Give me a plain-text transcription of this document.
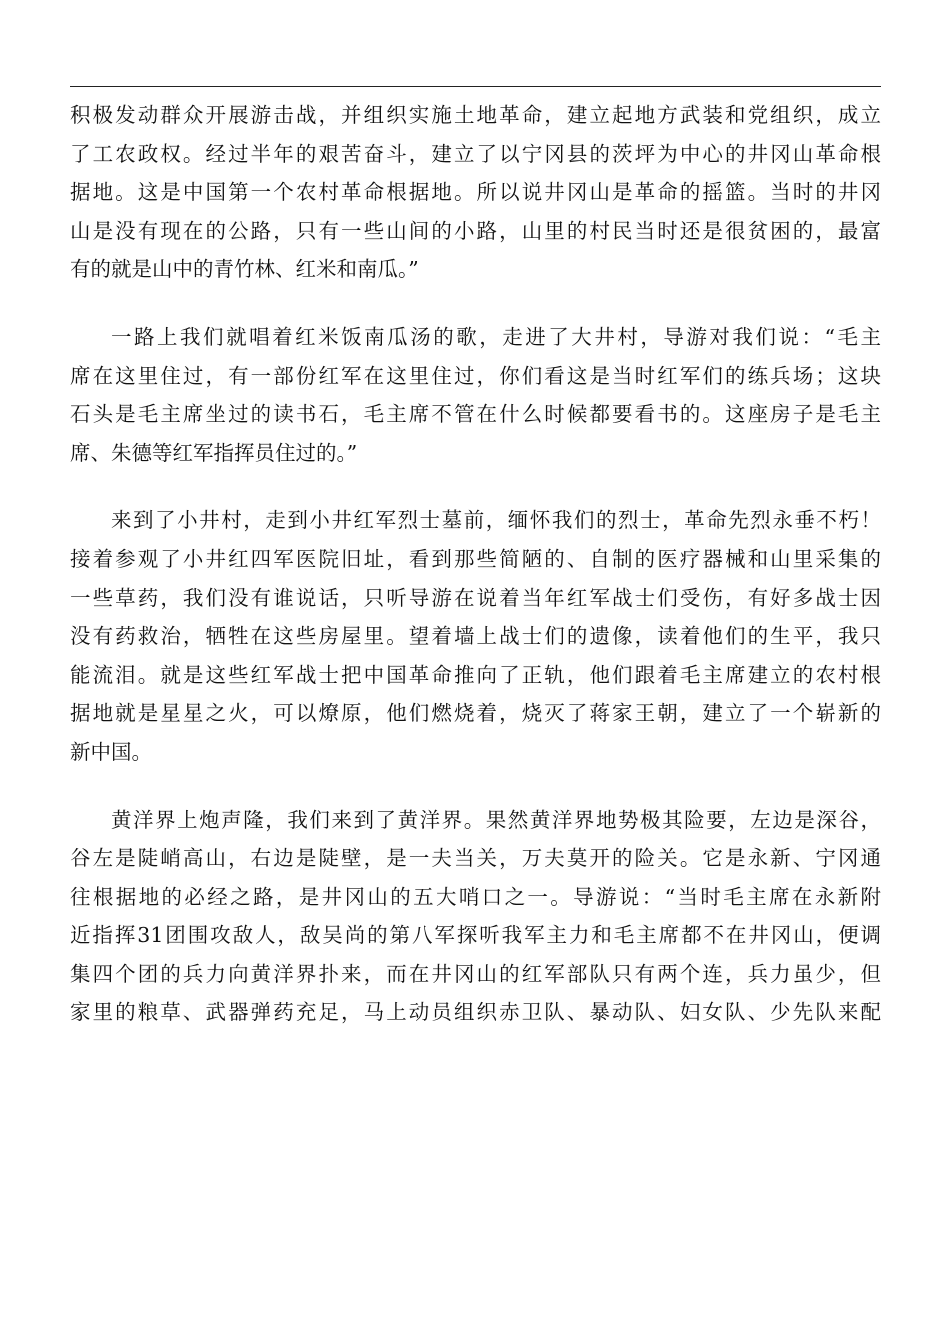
积极发动群众开展游击战，并组织实施土地革命，建立起地方武装和党组织，成立
了工农政权。经过半年的艰苦奋斗，建立了以宁冈县的茨坪为中心的井冈山革命根
据地。这是中国第一个农村革命根据地。所以说井冈山是革命的摇篮。当时的井冈
山是没有现在的公路，只有一些山间的小路，山里的村民当时还是很贫困的，最富
有的就是山中的青竹林、红米和南瓜。”
一路上我们就唱着红米饭南瓜汤的歌，走进了大井村，导游对我们说：“毛主
席在这里住过，有一部份红军在这里住过，你们看这是当时红军们的练兵场；这块
石头是毛主席坐过的读书石，毛主席不管在什么时候都要看书的。这座房子是毛主
席、朱德等红军指挥员住过的。”
来到了小井村，走到小井红军烈士墓前，缅怀我们的烈士，革命先烈永垂不朽！
接着参观了小井红四军医院旧址，看到那些简陋的、自制的医疗器械和山里采集的
一些草药，我们没有谁说话，只听导游在说着当年红军战士们受伤，有好多战士因
没有药救治，牺牲在这些房屋里。望着墙上战士们的遗像，读着他们的生平，我只
能流泪。就是这些红军战士把中国革命推向了正轨，他们跟着毛主席建立的农村根
据地就是星星之火，可以燎原，他们燃烧着，烧灭了蒋家王朝，建立了一个崭新的
新中国。
黄洋界上炮声隆，我们来到了黄洋界。果然黄洋界地势极其险要，左边是深谷，
谷左是陡峭高山，右边是陡壁，是一夫当关，万夫莫开的险关。它是永新、宁冈通
往根据地的必经之路，是井冈山的五大哨口之一。导游说：“当时毛主席在永新附
近指挥31团围攻敌人，敌吴尚的第八军探听我军主力和毛主席都不在井冈山，便调
集四个团的兵力向黄洋界扑来，而在井冈山的红军部队只有两个连，兵力虽少，但
家里的粮草、武器弹药充足，马上动员组织赤卫队、暴动队、妇女队、少先队来配
